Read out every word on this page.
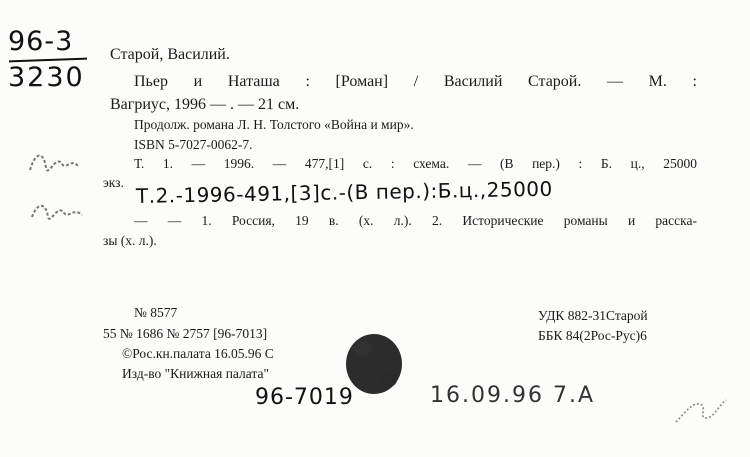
96-3
3230
Старой, Василий.
Пьер и Наташа : [Роман] / Василий Старой. — М. :
Вагриус, 1996 — . — 21 см.
Продолж. романа Л. Н. Толстого «Война и мир».
ISBN 5-7027-0062-7.
Т. 1. — 1996. — 477,[1] с. : схема. — (В пер.) : Б. ц., 25000
экз. Т.2.-1996-491,[3]с.-(В пер.):Б.ц.,25000
— — 1. Россия, 19 в. (х. л.). 2. Исторические романы и расска-
зы (х. л.).
№ 8577
55 № 1686 № 2757 [96-7013]
©Рос.кн.палата 16.05.96 С
Изд-во "Книжная палата"
УДК 882-31Старой
ББК 84(2Рос-Рус)6
96-7019	16.09.96 7.А
